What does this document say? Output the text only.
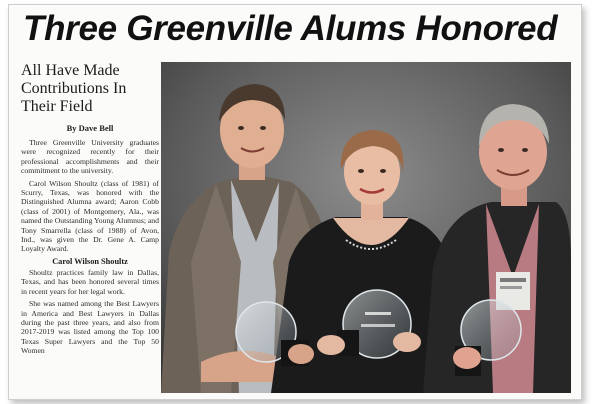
Three Greenville Alums Honored
All Have Made Contributions In Their Field
By Dave Bell

Three Greenville University graduates were recognized recently for their professional accomplishments and their commitment to the university.

Carol Wilson Shoultz (class of 1981) of Scurry, Texas, was honored with the Distinguished Alumna award; Aaron Cobb (class of 2001) of Montgomery, Ala., was named the Outstanding Young Alumnus; and Tony Smarrella (class of 1988) of Avon, Ind., was given the Dr. Gene A. Camp Loyalty Award.

Carol Wilson Shoultz

Shoultz practices family law in Dallas, Texas, and has been honored several times in recent years for her legal work.

She was named among the Best Lawyers in America and Best Lawyers in Dallas during the past three years, and also from 2017-2019 was listed among the Top 100 Texas Super Lawyers and the Top 50 Women
